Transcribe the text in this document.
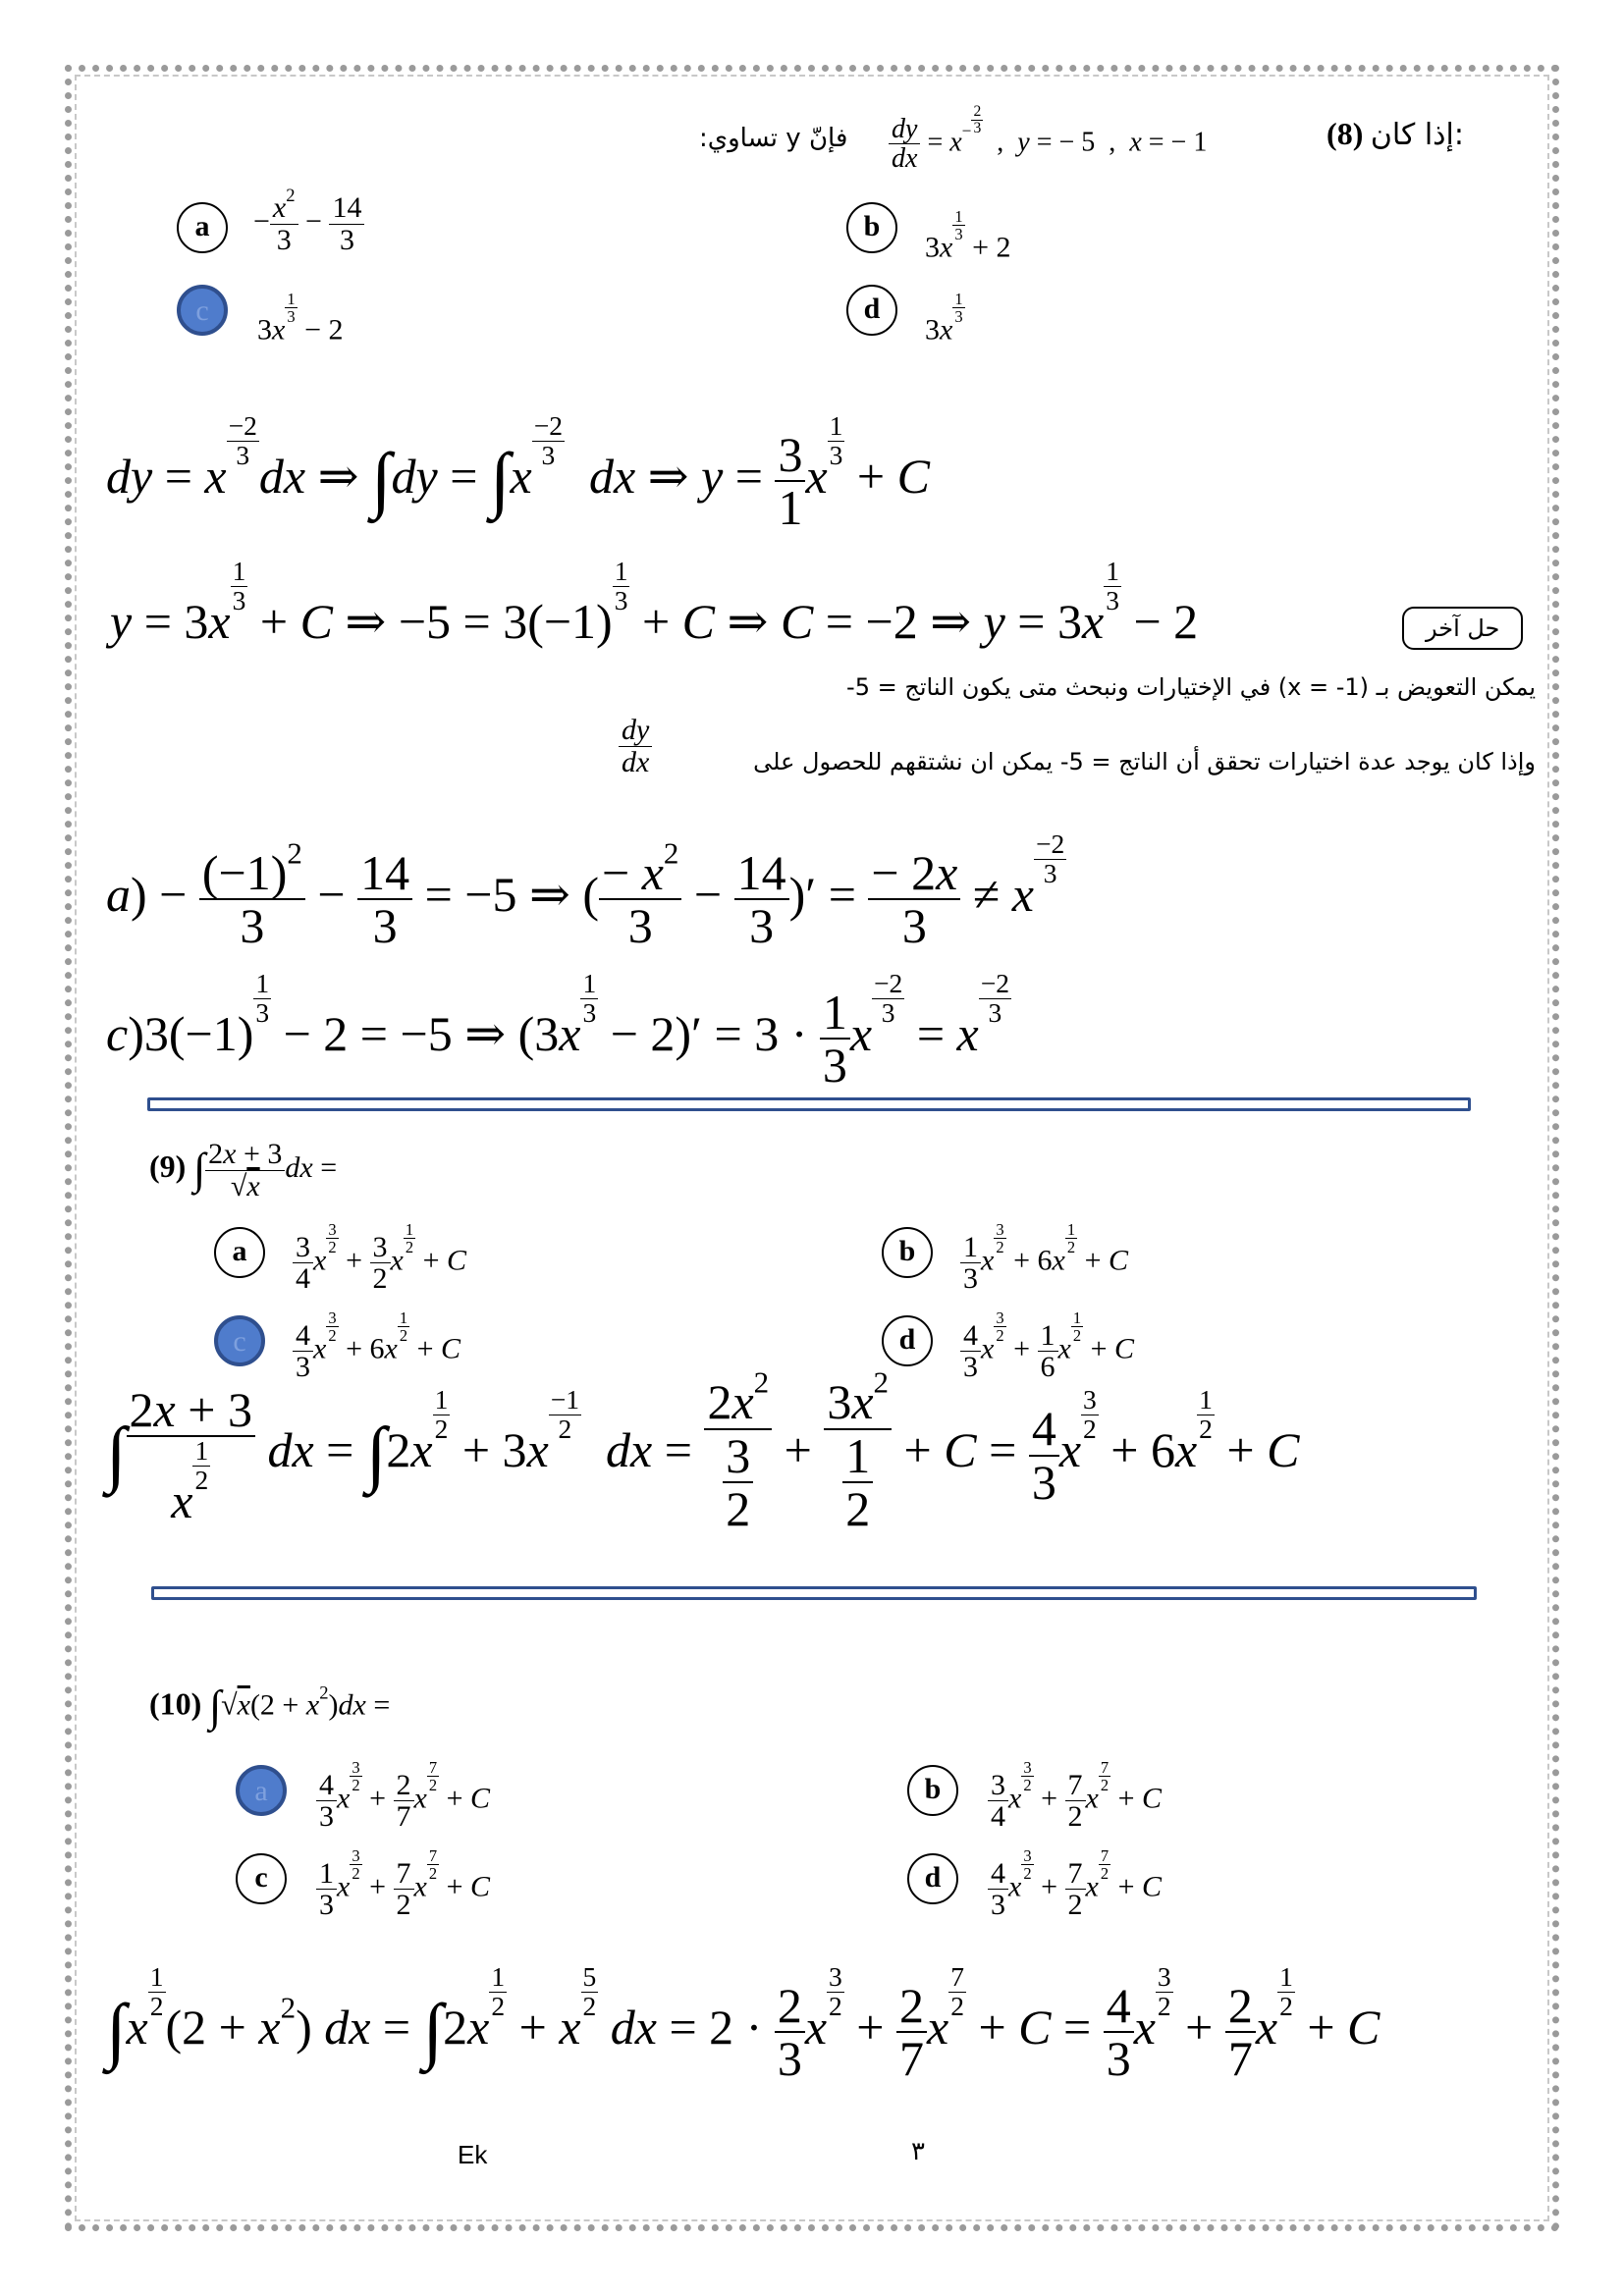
(8) إذا كان:
$\frac{dy}{dx} = x^{- \frac{2}{3}}$
,  y = − 5  ,  x = − 1
فإنّ y تساوي:
a	− $\frac{x^2}{3} - \frac{14}{3}$	b
3x
$\frac{1}{3}$
+ 2
c
3x
$\frac{1}{3}$
− 2
d
3x
$\frac{1}{3}$
dy = x
$\frac{-2}{3}$
dx ⇒ ∫dy = ∫x
$\frac{-2}{3}$
dx ⇒ $y = \frac{3}{1}$ x
$\frac{1}{3}$
+ C
y = 3x
$\frac{1}{3}$
+ C ⇒ −5 = 3(−1)
$\frac{1}{3}$
+ C ⇒ C = −2 ⇒ y = 3x
$\frac{1}{3}$
− 2	حل آخر
يمكن التعويض بـ (1- = x) في الإختيارات ونبحث متى يكون الناتج = 5-
وإذا كان يوجد عدة اختيارات تحقق أن الناتج = 5- يمكن ان نشتقهم للحصول على
$\frac{dy}{dx}$
$a) - \frac{(-1)^2}{3} - \frac{14}{3} = -5$ ⇒ ( $\frac{- x^2}{3} - \frac{14}{3}$ )′ = $\frac{- 2x}{3} \ne x$
$\frac{-2}{3}$
c)3(−1)
$\frac{1}{3}$
− 2 = −5 ⇒ (3x
$\frac{1}{3}$
− $2)' = 3 \cdot \frac{1}{3}$ x
$\frac{-2}{3}$
= x
$\frac{-2}{3}$
(9) ∫ $\frac{2x + 3}{√x}$ dx =
a	$\frac{3}{4}$ x
$\frac{3}{2}$
+ $\frac{3}{2}$ x
$\frac{1}{2}$
+ C	b	$\frac{1}{3}$ x
$\frac{3}{2}$
+ 6x
$\frac{1}{2}$
+ C
c	$\frac{4}{3}$ x
$\frac{3}{2}$
+ 6x
$\frac{1}{2}$
+ C	d	$\frac{4}{3}$ x
$\frac{3}{2}$
+ $\frac{1}{6}$ x
$\frac{1}{2}$
+ C
∫ 2x + 3
x
$\frac{1}{2}$ dx = ∫2x
$\frac{1}{2}$
+ 3x
$\frac{-1}{2}$
dx = $\frac{2x^2}{\frac{3}{2}} + \frac{3x^2}{\frac{1}{2}} + C = \frac{4}{3}$ x
$\frac{3}{2}$
+ 6x
$\frac{1}{2}$
+ C
(10) $\int√x(2 + x^2)dx$ =
a	$\frac{4}{3}$ x
$\frac{3}{2}$
+ $\frac{2}{7}$ x
$\frac{7}{2}$
+ C	b	$\frac{3}{4}$ x
$\frac{3}{2}$
+ $\frac{7}{2}$ x
$\frac{7}{2}$
+ C
c	$\frac{1}{3}$ x
$\frac{3}{2}$
+ $\frac{7}{2}$ x
$\frac{7}{2}$
+ C	d	$\frac{4}{3}$ x
$\frac{3}{2}$
+ $\frac{7}{2}$ x
$\frac{7}{2}$
+ C
∫x
$\frac{1}{2}$
$(2 + x^2)$ dx = ∫2x
$\frac{1}{2}$
+ x
$\frac{5}{2}$
dx = $2 \cdot \frac{2}{3}$ x
$\frac{3}{2}$
+ $\frac{2}{7}$ x
$\frac{7}{2}$
+ $C = \frac{4}{3}$ x
$\frac{3}{2}$
+ $\frac{2}{7}$ x
$\frac{1}{2}$
+ C
Ek	٣
